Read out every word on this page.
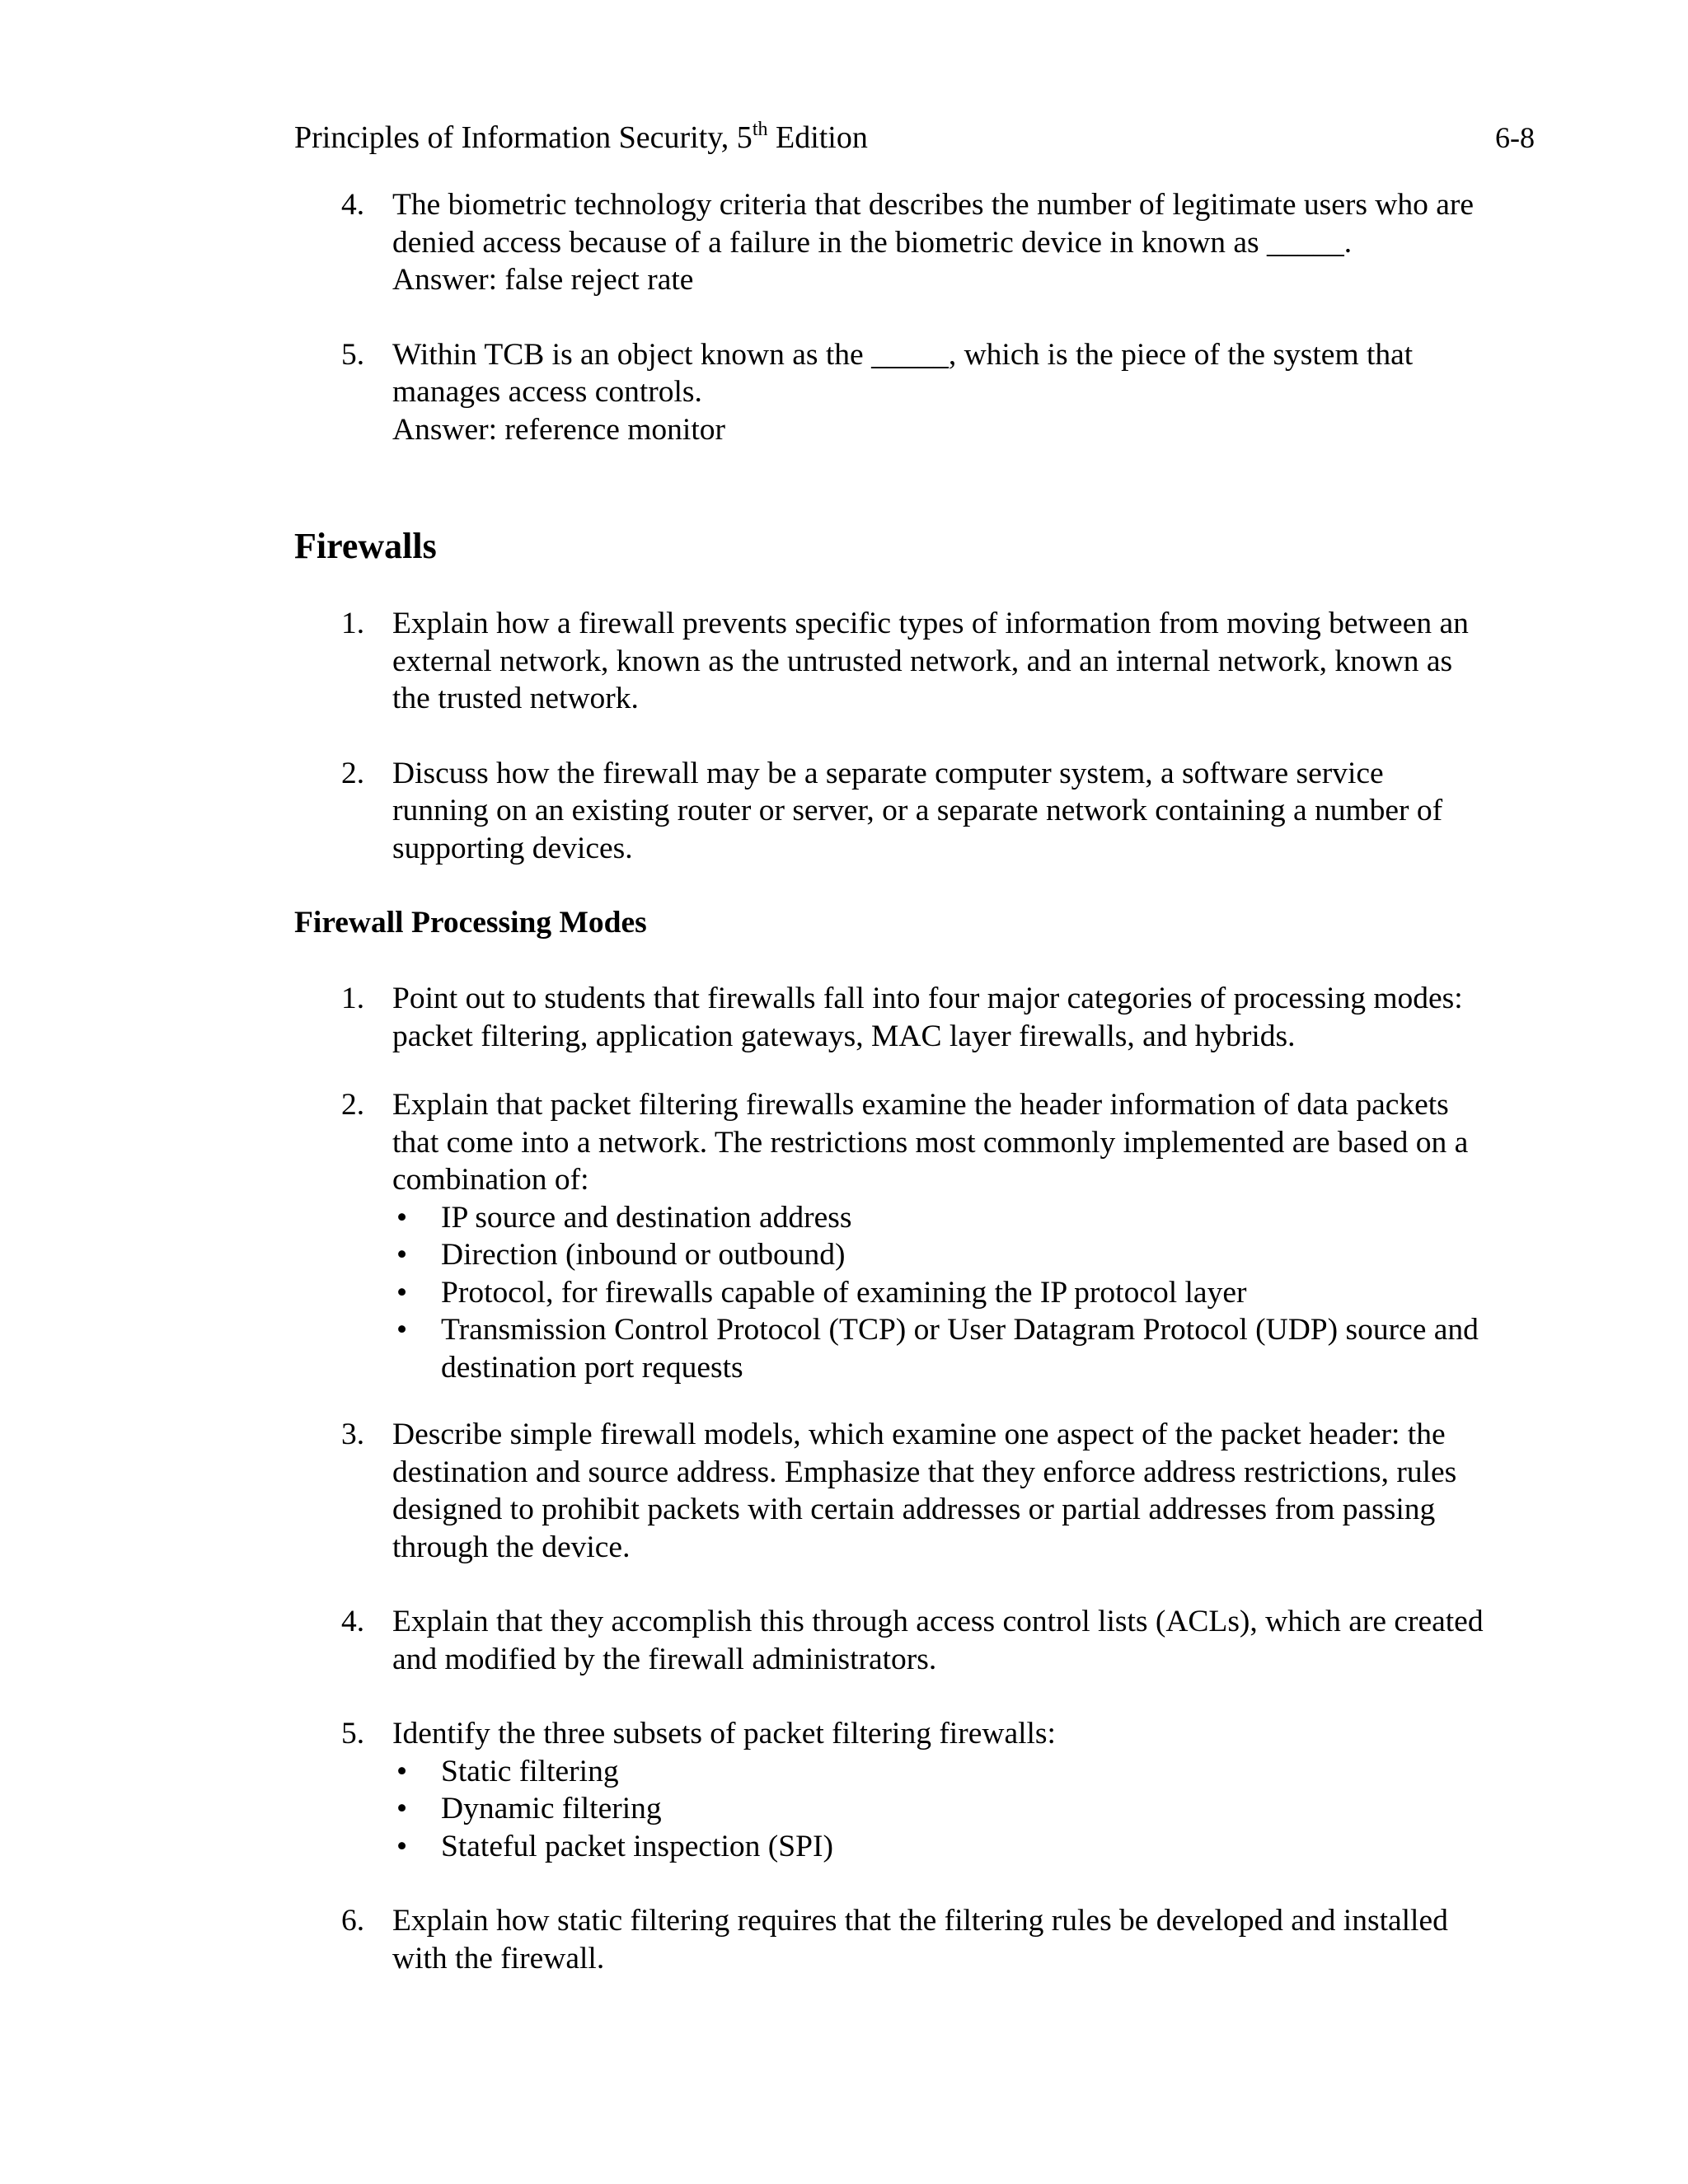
Principles of Information Security, 5th Edition	6-8
4. The biometric technology criteria that describes the number of legitimate users who are

denied access because of a failure in the biometric device in known as _____.

Answer: false reject rate

5. Within TCB is an object known as the _____, which is the piece of the system that

manages access controls.

Answer: reference monitor

Firewalls
1. Explain how a firewall prevents specific types of information from moving between an

external network, known as the untrusted network, and an internal network, known as

the trusted network.

2. Discuss how the firewall may be a separate computer system, a software service

running on an existing router or server, or a separate network containing a number of

supporting devices.

Firewall Processing Modes
1. Point out to students that firewalls fall into four major categories of processing modes:

packet filtering, application gateways, MAC layer firewalls, and hybrids.

2. Explain that packet filtering firewalls examine the header information of data packets

that come into a network. The restrictions most commonly implemented are based on a

combination of:

• IP source and destination address
• Direction (inbound or outbound)
• Protocol, for firewalls capable of examining the IP protocol layer
• Transmission Control Protocol (TCP) or User Datagram Protocol (UDP) source and
destination port requests
3. Describe simple firewall models, which examine one aspect of the packet header: the

destination and source address. Emphasize that they enforce address restrictions, rules

designed to prohibit packets with certain addresses or partial addresses from passing

through the device.

4. Explain that they accomplish this through access control lists (ACLs), which are created

and modified by the firewall administrators.

5. Identify the three subsets of packet filtering firewalls:

• Static filtering
• Dynamic filtering
• Stateful packet inspection (SPI)
6. Explain how static filtering requires that the filtering rules be developed and installed

with the firewall.
